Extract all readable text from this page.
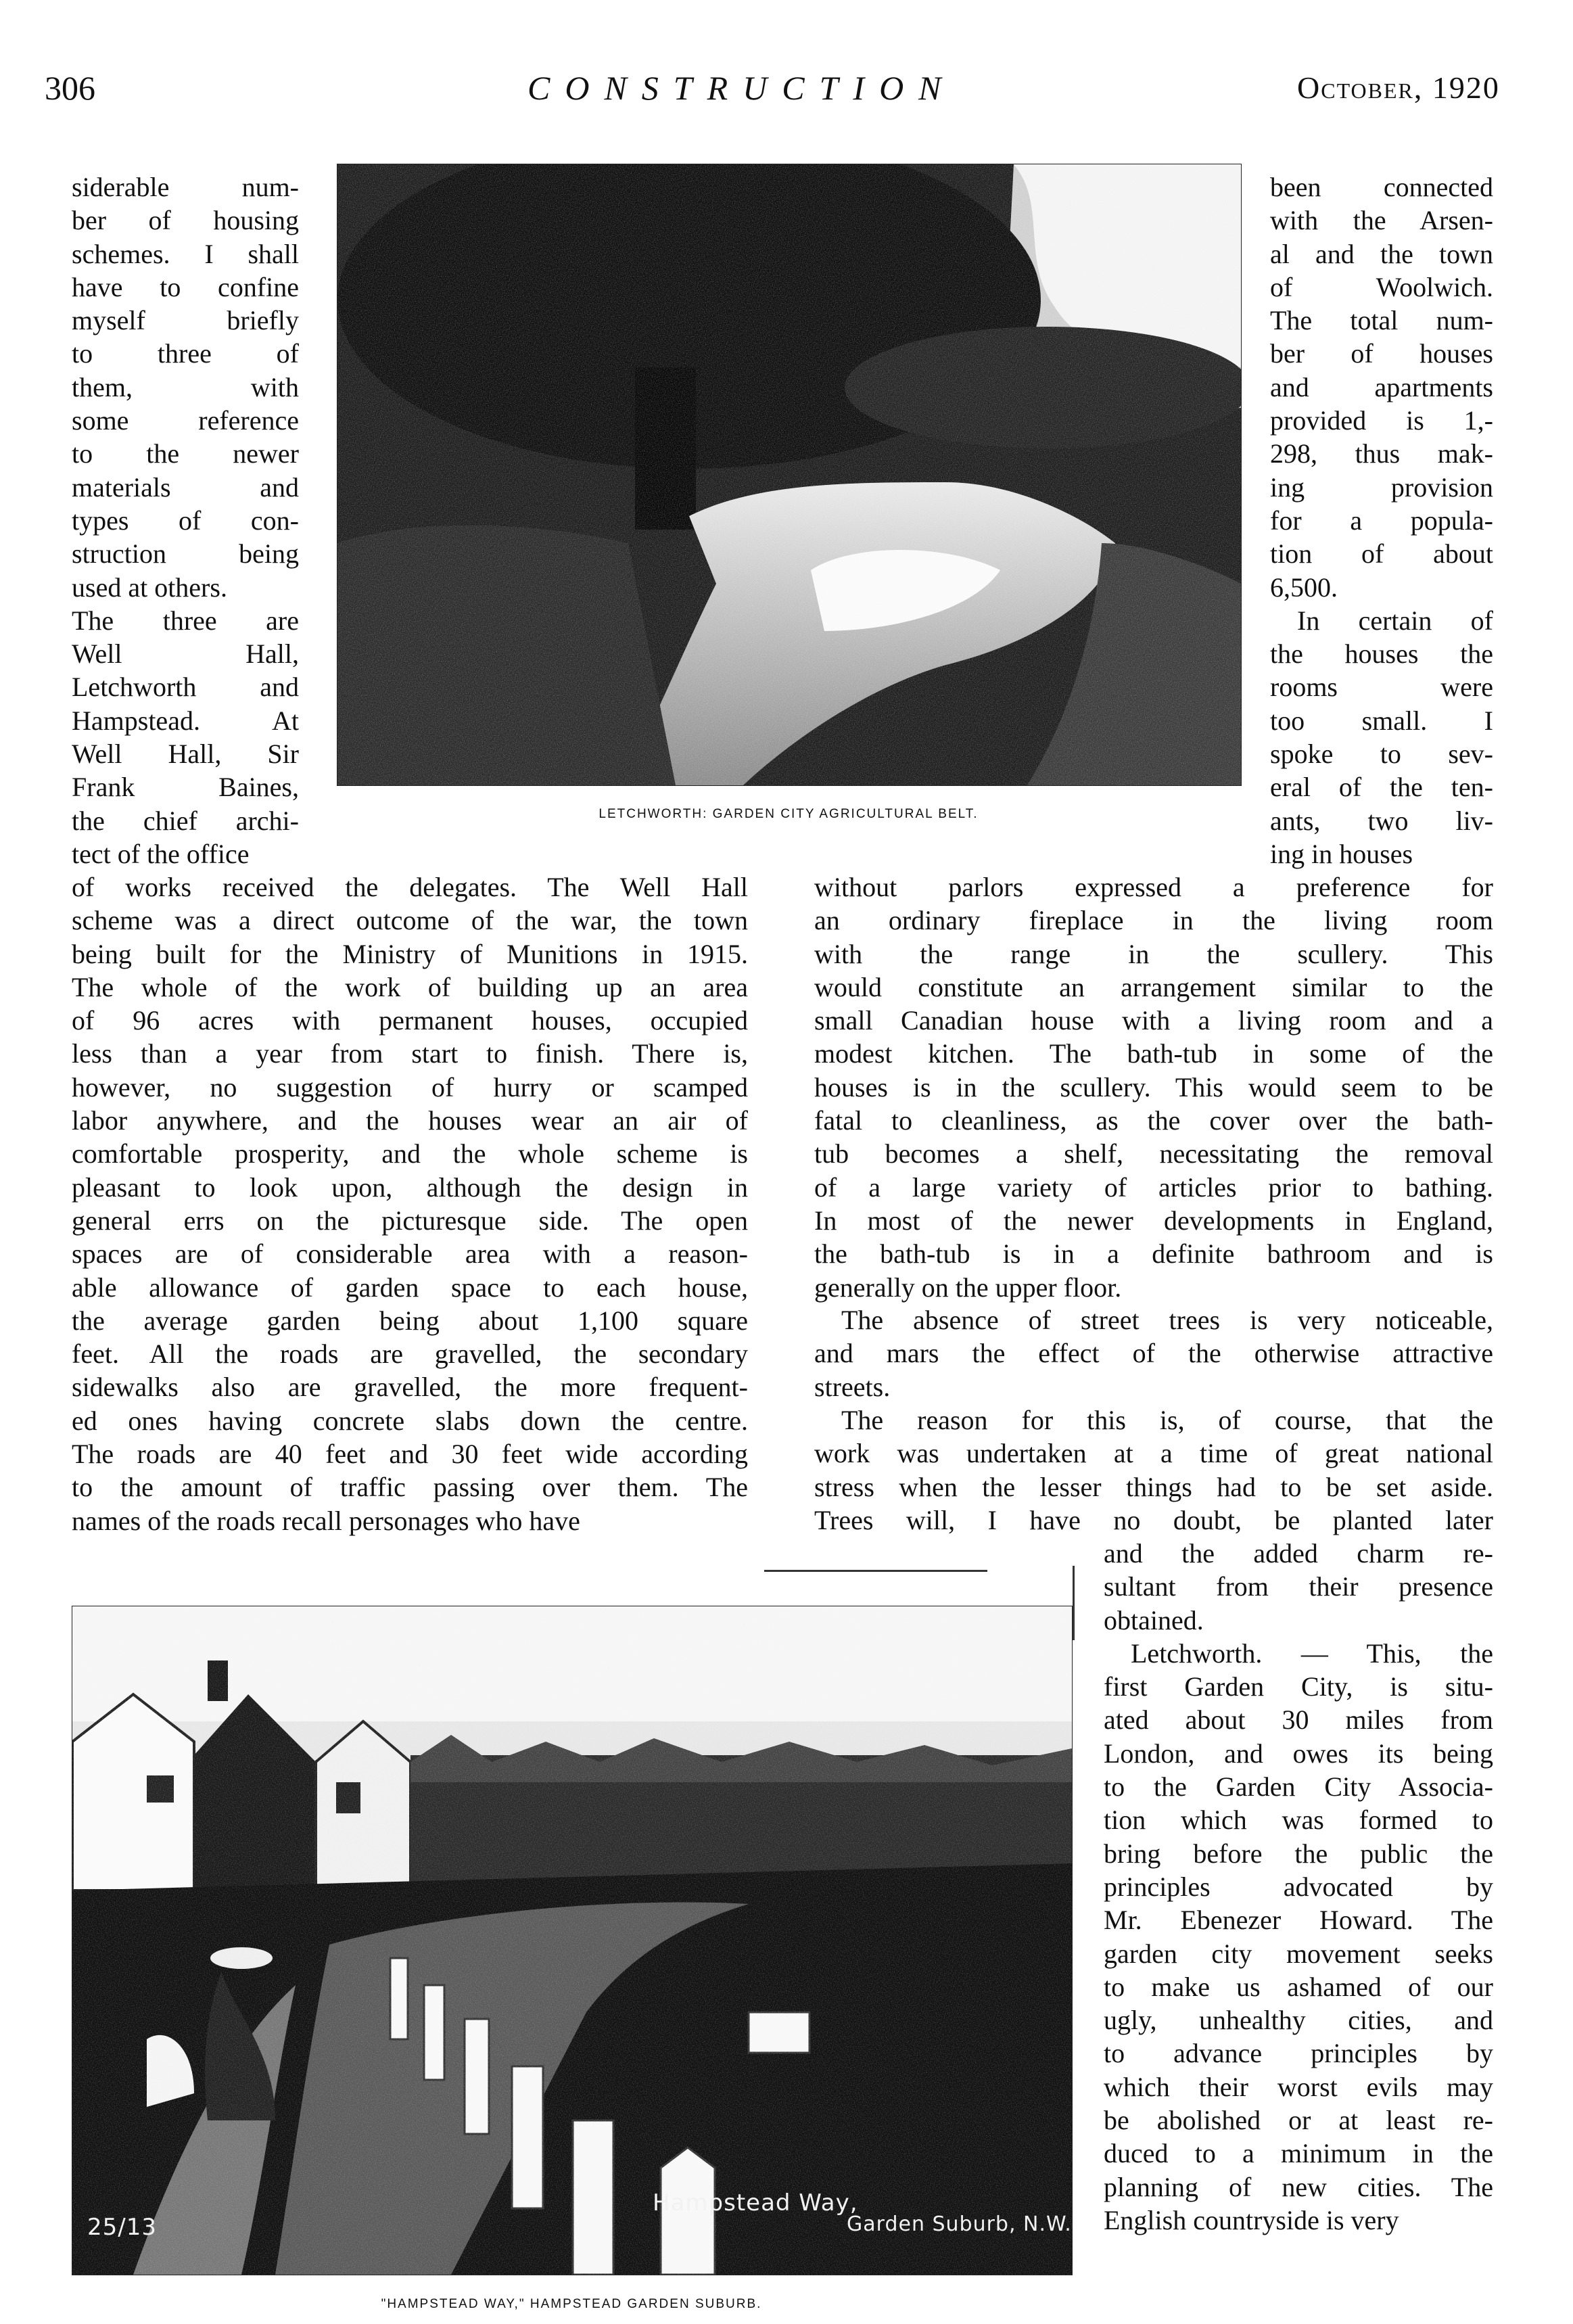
306	CONSTRUCTION	October, 1920
LETCHWORTH: GARDEN CITY AGRICULTURAL BELT.
siderable num-
ber of housing
schemes. I shall
have to confine
myself briefly
to three of
them, with
some reference
to the newer
materials and
types of con-
struction being
used at others.
The three are
Well Hall,
Letchworth and
Hampstead. At
Well Hall, Sir
Frank Baines,
the chief archi-
tect of the office
been connected
with the Arsen-
al and the town
of Woolwich.
The total num-
ber of houses
and apartments
provided is 1,-
298, thus mak-
ing provision
for a popula-
tion of about
6,500.
In certain of
the houses the
rooms were
too small. I
spoke to sev-
eral of the ten-
ants, two liv-
ing in houses
of works received the delegates. The Well Hall
scheme was a direct outcome of the war, the town
being built for the Ministry of Munitions in 1915.
The whole of the work of building up an area
of 96 acres with permanent houses, occupied
less than a year from start to finish. There is,
however, no suggestion of hurry or scamped
labor anywhere, and the houses wear an air of
comfortable prosperity, and the whole scheme is
pleasant to look upon, although the design in
general errs on the picturesque side. The open
spaces are of considerable area with a reason-
able allowance of garden space to each house,
the average garden being about 1,100 square
feet. All the roads are gravelled, the secondary
sidewalks also are gravelled, the more frequent-
ed ones having concrete slabs down the centre.
The roads are 40 feet and 30 feet wide according
to the amount of traffic passing over them. The
names of the roads recall personages who have
without parlors expressed a preference for
an ordinary fireplace in the living room
with the range in the scullery. This
would constitute an arrangement similar to the
small Canadian house with a living room and a
modest kitchen. The bath-tub in some of the
houses is in the scullery. This would seem to be
fatal to cleanliness, as the cover over the bath-
tub becomes a shelf, necessitating the removal
of a large variety of articles prior to bathing.
In most of the newer developments in England,
the bath-tub is in a definite bathroom and is
generally on the upper floor.
The absence of street trees is very noticeable,
and mars the effect of the otherwise attractive
streets.
The reason for this is, of course, that the
work was undertaken at a time of great national
stress when the lesser things had to be set aside.
Trees will, I have no doubt, be planted later
and the added charm re-
sultant from their presence
obtained.
Letchworth. — This, the
first Garden City, is situ-
ated about 30 miles from
London, and owes its being
to the Garden City Associa-
tion which was formed to
bring before the public the
principles advocated by
Mr. Ebenezer Howard. The
garden city movement seeks
to make us ashamed of our
ugly, unhealthy cities, and
to advance principles by
which their worst evils may
be abolished or at least re-
duced to a minimum in the
planning of new cities. The
English countryside is very
25/13
Hampstead Way,
Garden Suburb, N.W.
"HAMPSTEAD WAY," HAMPSTEAD GARDEN SUBURB.
